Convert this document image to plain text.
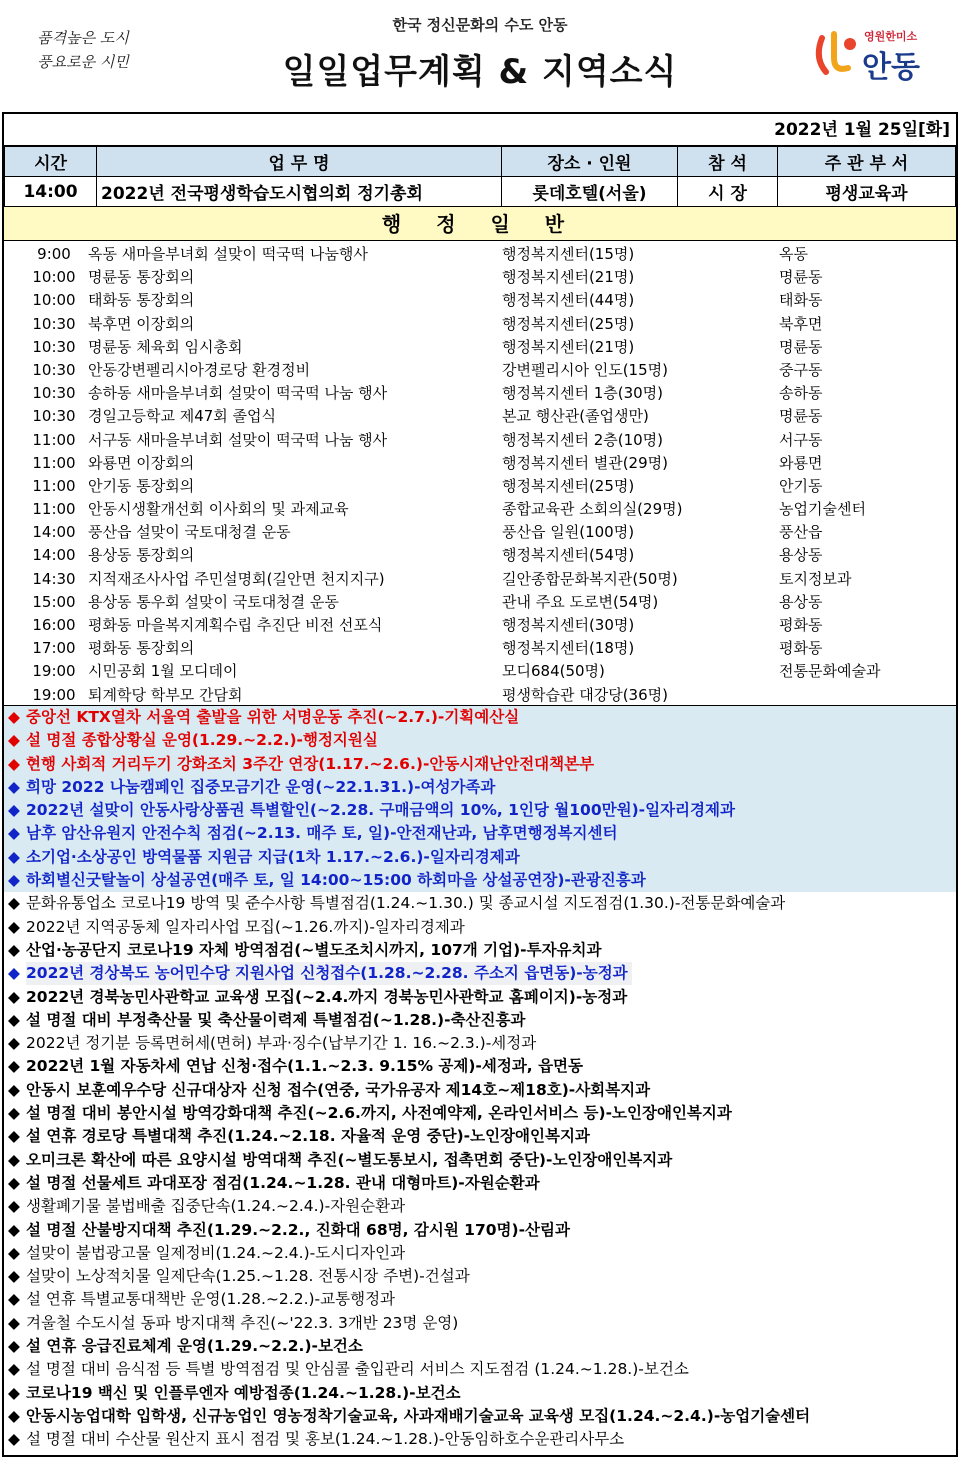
품격높은 도시
풍요로운 시민
한국 정신문화의 수도 안동
일일업무계획 & 지역소식
영원한미소
안동
2022년 1월 25일[화]
시간	업 무 명	장소 · 인원	참 석	주 관 부 서
14:00	2022년 전국평생학습도시협의회 정기총회	롯데호텔(서울)	시 장	평생교육과
행 정 일 반
9:00	옥동 새마을부녀회 설맞이 떡국떡 나눔행사	행정복지센터(15명)	옥동
10:00 명륜동 통장회의	행정복지센터(21명)	명륜동
10:00 태화동 통장회의	행정복지센터(44명)	태화동
10:30 북후면 이장회의	행정복지센터(25명)	북후면
10:30 명륜동 체육회 임시총회	행정복지센터(21명)	명륜동
10:30 안동강변펠리시아경로당 환경정비	강변펠리시아 인도(15명)	중구동
10:30 송하동 새마을부녀회 설맞이 떡국떡 나눔 행사	행정복지센터 1층(30명)	송하동
10:30 경일고등학교 제47회 졸업식	본교 행산관(졸업생만)	명륜동
11:00 서구동 새마을부녀회 설맞이 떡국떡 나눔 행사	행정복지센터 2층(10명)	서구동
11:00 와룡면 이장회의	행정복지센터 별관(29명)	와룡면
11:00 안기동 통장회의	행정복지센터(25명)	안기동
11:00 안동시생활개선회 이사회의 및 과제교육	종합교육관 소회의실(29명)	농업기술센터
14:00 풍산읍 설맞이 국토대청결 운동	풍산읍 일원(100명)	풍산읍
14:00 용상동 통장회의	행정복지센터(54명)	용상동
14:30 지적재조사사업 주민설명회(길안면 천지지구)	길안종합문화복지관(50명)	토지정보과
15:00 용상동 통우회 설맞이 국토대청결 운동	관내 주요 도로변(54명)	용상동
16:00 평화동 마을복지계획수립 추진단 비전 선포식	행정복지센터(30명)	평화동
17:00 평화동 통장회의	행정복지센터(18명)	평화동
19:00 시민공회 1월 모디데이	모디684(50명)	전통문화예술과
19:00 퇴계학당 학부모 간담회	평생학습관 대강당(36명)
◆ 중앙선 KTX열차 서울역 출발을 위한 서명운동 추진(~2.7.)-기획예산실
◆ 설 명절 종합상황실 운영(1.29.~2.2.)-행정지원실
◆ 현행 사회적 거리두기 강화조치 3주간 연장(1.17.~2.6.)-안동시재난안전대책본부
◆ 희망 2022 나눔캠페인 집중모금기간 운영(~22.1.31.)-여성가족과
◆ 2022년 설맞이 안동사랑상품권 특별할인(~2.28. 구매금액의 10%, 1인당 월100만원)-일자리경제과
◆ 남후 암산유원지 안전수칙 점검(~2.13. 매주 토, 일)-안전재난과, 남후면행정복지센터
◆ 소기업·소상공인 방역물품 지원금 지급(1차 1.17.~2.6.)-일자리경제과
◆ 하회별신굿탈놀이 상설공연(매주 토, 일 14:00~15:00 하회마을 상설공연장)-관광진흥과
◆ 문화유통업소 코로나19 방역 및 준수사항 특별점검(1.24.~1.30.) 및 종교시설 지도점검(1.30.)-전통문화예술과
◆ 2022년 지역공동체 일자리사업 모집(~1.26.까지)-일자리경제과
◆ 산업·농공단지 코로나19 자체 방역점검(~별도조치시까지, 107개 기업)-투자유치과
◆ 2022년 경상북도 농어민수당 지원사업 신청접수(1.28.~2.28. 주소지 읍면동)-농정과
◆ 2022년 경북농민사관학교 교육생 모집(~2.4.까지 경북농민사관학교 홈페이지)-농정과
◆ 설 명절 대비 부정축산물 및 축산물이력제 특별점검(~1.28.)-축산진흥과
◆ 2022년 정기분 등록면허세(면허) 부과·징수(납부기간 1. 16.~2.3.)-세정과
◆ 2022년 1월 자동차세 연납 신청·접수(1.1.~2.3. 9.15% 공제)-세정과, 읍면동
◆ 안동시 보훈예우수당 신규대상자 신청 접수(연중, 국가유공자 제14호~제18호)-사회복지과
◆ 설 명절 대비 봉안시설 방역강화대책 추진(~2.6.까지, 사전예약제, 온라인서비스 등)-노인장애인복지과
◆ 설 연휴 경로당 특별대책 추진(1.24.~2.18. 자율적 운영 중단)-노인장애인복지과
◆ 오미크론 확산에 따른 요양시설 방역대책 추진(~별도통보시, 접촉면회 중단)-노인장애인복지과
◆ 설 명절 선물세트 과대포장 점검(1.24.~1.28. 관내 대형마트)-자원순환과
◆ 생활폐기물 불법배출 집중단속(1.24.~2.4.)-자원순환과
◆ 설 명절 산불방지대책 추진(1.29.~2.2., 진화대 68명, 감시원 170명)-산림과
◆ 설맞이 불법광고물 일제정비(1.24.~2.4.)-도시디자인과
◆ 설맞이 노상적치물 일제단속(1.25.~1.28. 전통시장 주변)-건설과
◆ 설 연휴 특별교통대책반 운영(1.28.~2.2.)-교통행정과
◆ 겨울철 수도시설 동파 방지대책 추진(~'22.3. 3개반 23명 운영)
◆ 설 연휴 응급진료체계 운영(1.29.~2.2.)-보건소
◆ 설 명절 대비 음식점 등 특별 방역점검 및 안심콜 출입관리 서비스 지도점검 (1.24.~1.28.)-보건소
◆ 코로나19 백신 및 인플루엔자 예방접종(1.24.~1.28.)-보건소
◆ 안동시농업대학 입학생, 신규농업인 영농정착기술교육, 사과재배기술교육 교육생 모집(1.24.~2.4.)-농업기술센터
◆ 설 명절 대비 수산물 원산지 표시 점검 및 홍보(1.24.~1.28.)-안동임하호수운관리사무소
